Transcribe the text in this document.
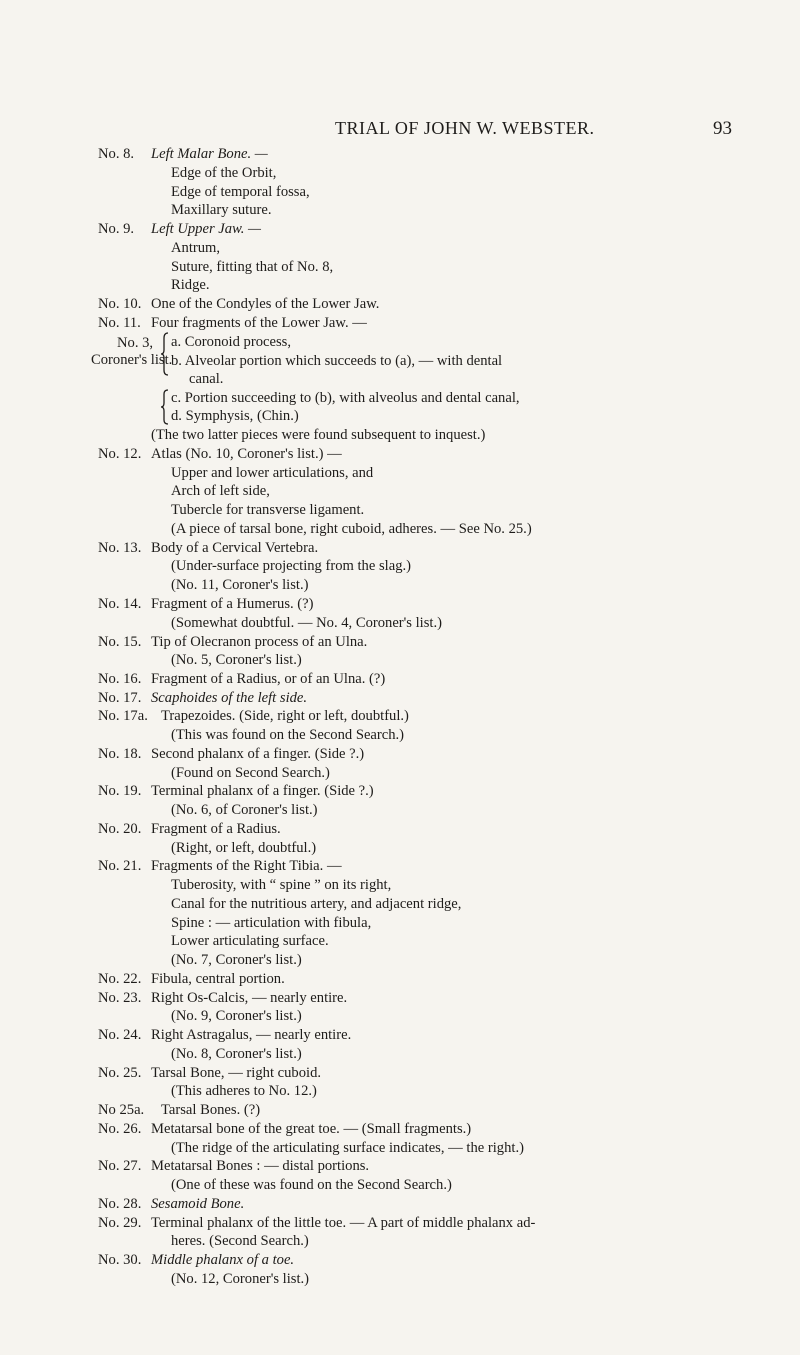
TRIAL OF JOHN W. WEBSTER.	93
No. 8. Left Malar Bone. —
Edge of the Orbit,
Edge of temporal fossa,
Maxillary suture.
No. 9. Left Upper Jaw. —
Antrum,
Suture, fitting that of No. 8,
Ridge.
No. 10. One of the Condyles of the Lower Jaw.
No. 11. Four fragments of the Lower Jaw. —
No. 3,
Coroner's list.
a. Coronoid process,
b. Alveolar portion which succeeds to (a), — with dental
canal.
c. Portion succeeding to (b), with alveolus and dental canal,
d. Symphysis, (Chin.)
(The two latter pieces were found subsequent to inquest.)
No. 12. Atlas (No. 10, Coroner's list.) —
Upper and lower articulations, and
Arch of left side,
Tubercle for transverse ligament.
(A piece of tarsal bone, right cuboid, adheres. — See No. 25.)
No. 13. Body of a Cervical Vertebra.
(Under-surface projecting from the slag.)
(No. 11, Coroner's list.)
No. 14. Fragment of a Humerus. (?)
(Somewhat doubtful. — No. 4, Coroner's list.)
No. 15. Tip of Olecranon process of an Ulna.
(No. 5, Coroner's list.)
No. 16. Fragment of a Radius, or of an Ulna. (?)
No. 17. Scaphoides of the left side.
No. 17a. Trapezoides. (Side, right or left, doubtful.)
(This was found on the Second Search.)
No. 18. Second phalanx of a finger. (Side ?.)
(Found on Second Search.)
No. 19. Terminal phalanx of a finger. (Side ?.)
(No. 6, of Coroner's list.)
No. 20. Fragment of a Radius.
(Right, or left, doubtful.)
No. 21. Fragments of the Right Tibia. —
Tuberosity, with “ spine ” on its right,
Canal for the nutritious artery, and adjacent ridge,
Spine : — articulation with fibula,
Lower articulating surface.
(No. 7, Coroner's list.)
No. 22. Fibula, central portion.
No. 23. Right Os-Calcis, — nearly entire.
(No. 9, Coroner's list.)
No. 24. Right Astragalus, — nearly entire.
(No. 8, Coroner's list.)
No. 25. Tarsal Bone, — right cuboid.
(This adheres to No. 12.)
No 25a. Tarsal Bones. (?)
No. 26. Metatarsal bone of the great toe. — (Small fragments.)
(The ridge of the articulating surface indicates, — the right.)
No. 27. Metatarsal Bones : — distal portions.
(One of these was found on the Second Search.)
No. 28. Sesamoid Bone.
No. 29. Terminal phalanx of the little toe. — A part of middle phalanx ad-
heres. (Second Search.)
No. 30. Middle phalanx of a toe.
(No. 12, Coroner's list.)
